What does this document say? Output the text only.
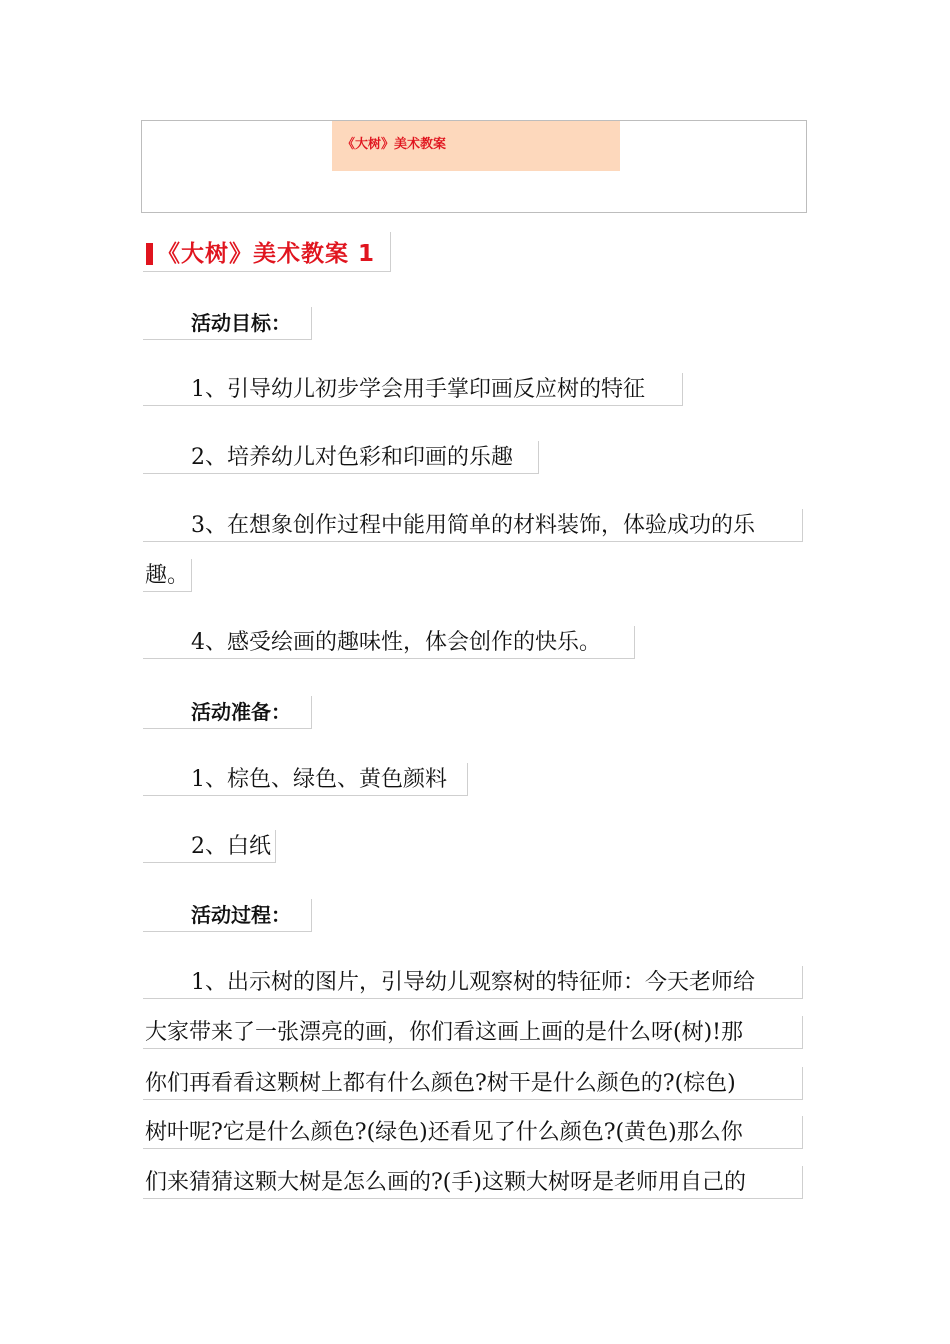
《大树》美术教案
《大树》美术教案 1
活动目标：
1、引导幼儿初步学会用手掌印画反应树的特征
2、培养幼儿对色彩和印画的乐趣
3、在想象创作过程中能用简单的材料装饰，体验成功的乐
趣。
4、感受绘画的趣味性，体会创作的快乐。
活动准备：
1、棕色、绿色、黄色颜料
2、白纸
活动过程：
1、出示树的图片，引导幼儿观察树的特征师：今天老师给
大家带来了一张漂亮的画，你们看这画上画的是什么呀(树)!那
你们再看看这颗树上都有什么颜色?树干是什么颜色的?(棕色)
树叶呢?它是什么颜色?(绿色)还看见了什么颜色?(黄色)那么你
们来猜猜这颗大树是怎么画的?(手)这颗大树呀是老师用自己的
